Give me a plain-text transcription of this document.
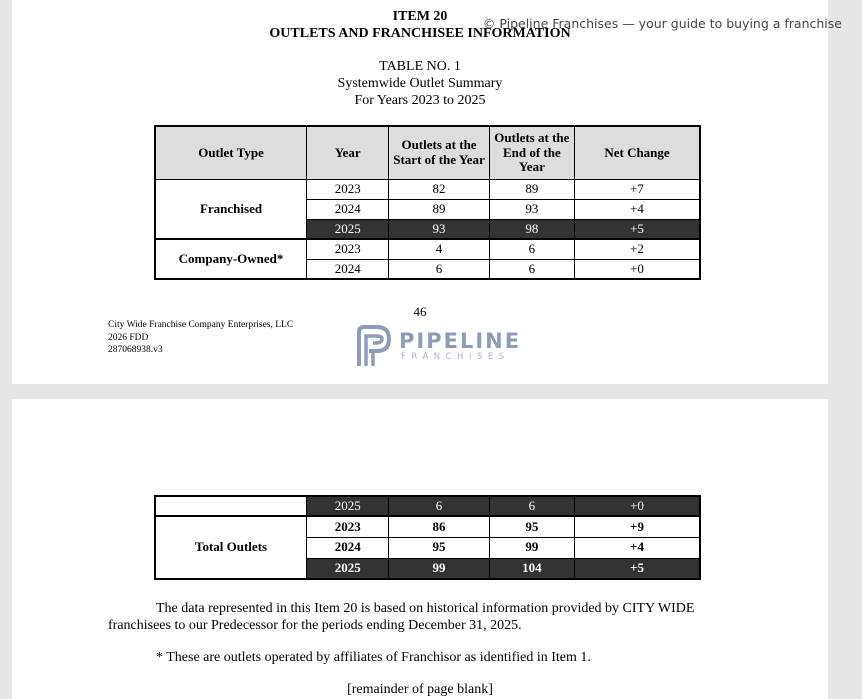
ITEM 20
OUTLETS AND FRANCHISEE INFORMATION
TABLE NO. 1
Systemwide Outlet Summary
For Years 2023 to 2025
Outlet Type	Year	Outlets at the Start of the Year	Outlets at the End of the Year	Net Change
Franchised	2023	82	89	+7
	2024	89	93	+4
	2025	93	98	+5
Company-Owned*	2023	4	6	+2
	2024	6	6	+0
46
City Wide Franchise Company Enterprises, LLC
2026 FDD
287068938.v3	PIPELINE
FRANCHISES
© Pipeline Franchises — your guide to buying a franchise
	2025	6	6	+0
Total Outlets	2023	86	95	+9
	2024	95	99	+4
	2025	99	104	+5
The data represented in this Item 20 is based on historical information provided by CITY WIDE franchisees to our Predecessor for the periods ending December 31, 2025.
* These are outlets operated by affiliates of Franchisor as identified in Item 1.
[remainder of page blank]
